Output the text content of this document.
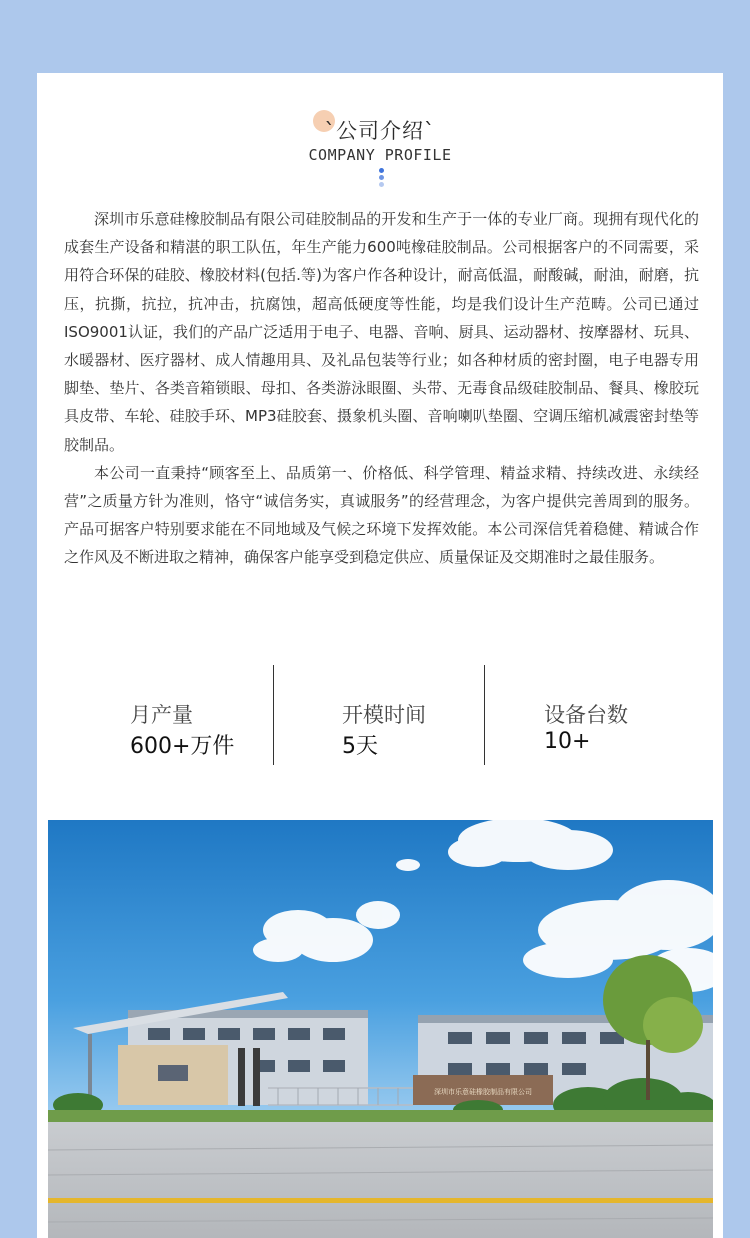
`公司介绍`
COMPANY PROFILE

深圳市乐意硅橡胶制品有限公司硅胶制品的开发和生产于一体的专业厂商。现拥有现代化的成套生产设备和精湛的职工队伍，年生产能力600吨橡硅胶制品。公司根据客户的不同需要，采用符合环保的硅胶、橡胶材料(包括.等)为客户作各种设计，耐高低温，耐酸碱，耐油，耐磨，抗压，抗撕，抗拉，抗冲击，抗腐蚀，超高低硬度等性能，均是我们设计生产范畴。公司已通过ISO9001认证，我们的产品广泛适用于电子、电器、音响、厨具、运动器材、按摩器材、玩具、水暖器材、医疗器材、成人情趣用具、及礼品包装等行业；如各种材质的密封圈，电子电器专用脚垫、垫片、各类音箱锁眼、母扣、各类游泳眼圈、头带、无毒食品级硅胶制品、餐具、橡胶玩具皮带、车轮、硅胶手环、MP3硅胶套、摄象机头圈、音响喇叭垫圈、空调压缩机减震密封垫等胶制品。

本公司一直秉持“顾客至上、品质第一、价格低、科学管理、精益求精、持续改进、永续经营”之质量方针为准则，恪守“诚信务实，真诚服务”的经营理念，为客户提供完善周到的服务。产品可据客户特别要求能在不同地域及气候之环境下发挥效能。本公司深信凭着稳健、精诚合作之作风及不断进取之精神，确保客户能享受到稳定供应、质量保证及交期准时之最佳服务。

月产量
600+万件
开模时间
5天
设备台数
10+
深圳市乐意硅橡胶制品有限公司
